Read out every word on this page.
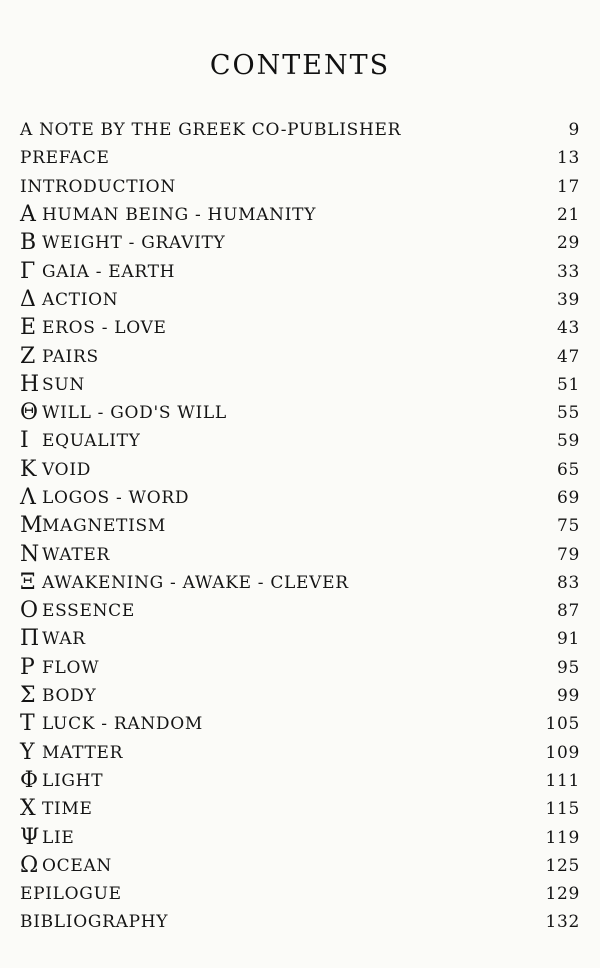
CONTENTS
A NOTE BY THE GREEK CO-PUBLISHER	9
PREFACE	13
INTRODUCTION	17
Α HUMAN BEING - HUMANITY	21
Β WEIGHT - GRAVITY	29
Γ GAIA - EARTH	33
Δ ACTION	39
Ε EROS - LOVE	43
Ζ PAIRS	47
Η SUN	51
Θ WILL - GOD'S WILL	55
Ι EQUALITY	59
Κ VOID	65
Λ LOGOS - WORD	69
Μ MAGNETISM	75
Ν WATER	79
Ξ AWAKENING - AWAKE - CLEVER	83
Ο ESSENCE	87
Π WAR	91
Ρ FLOW	95
Σ BODY	99
Τ LUCK - RANDOM	105
Υ MATTER	109
Φ LIGHT	111
Χ TIME	115
Ψ LIE	119
Ω OCEAN	125
EPILOGUE	129
BIBLIOGRAPHY	132
